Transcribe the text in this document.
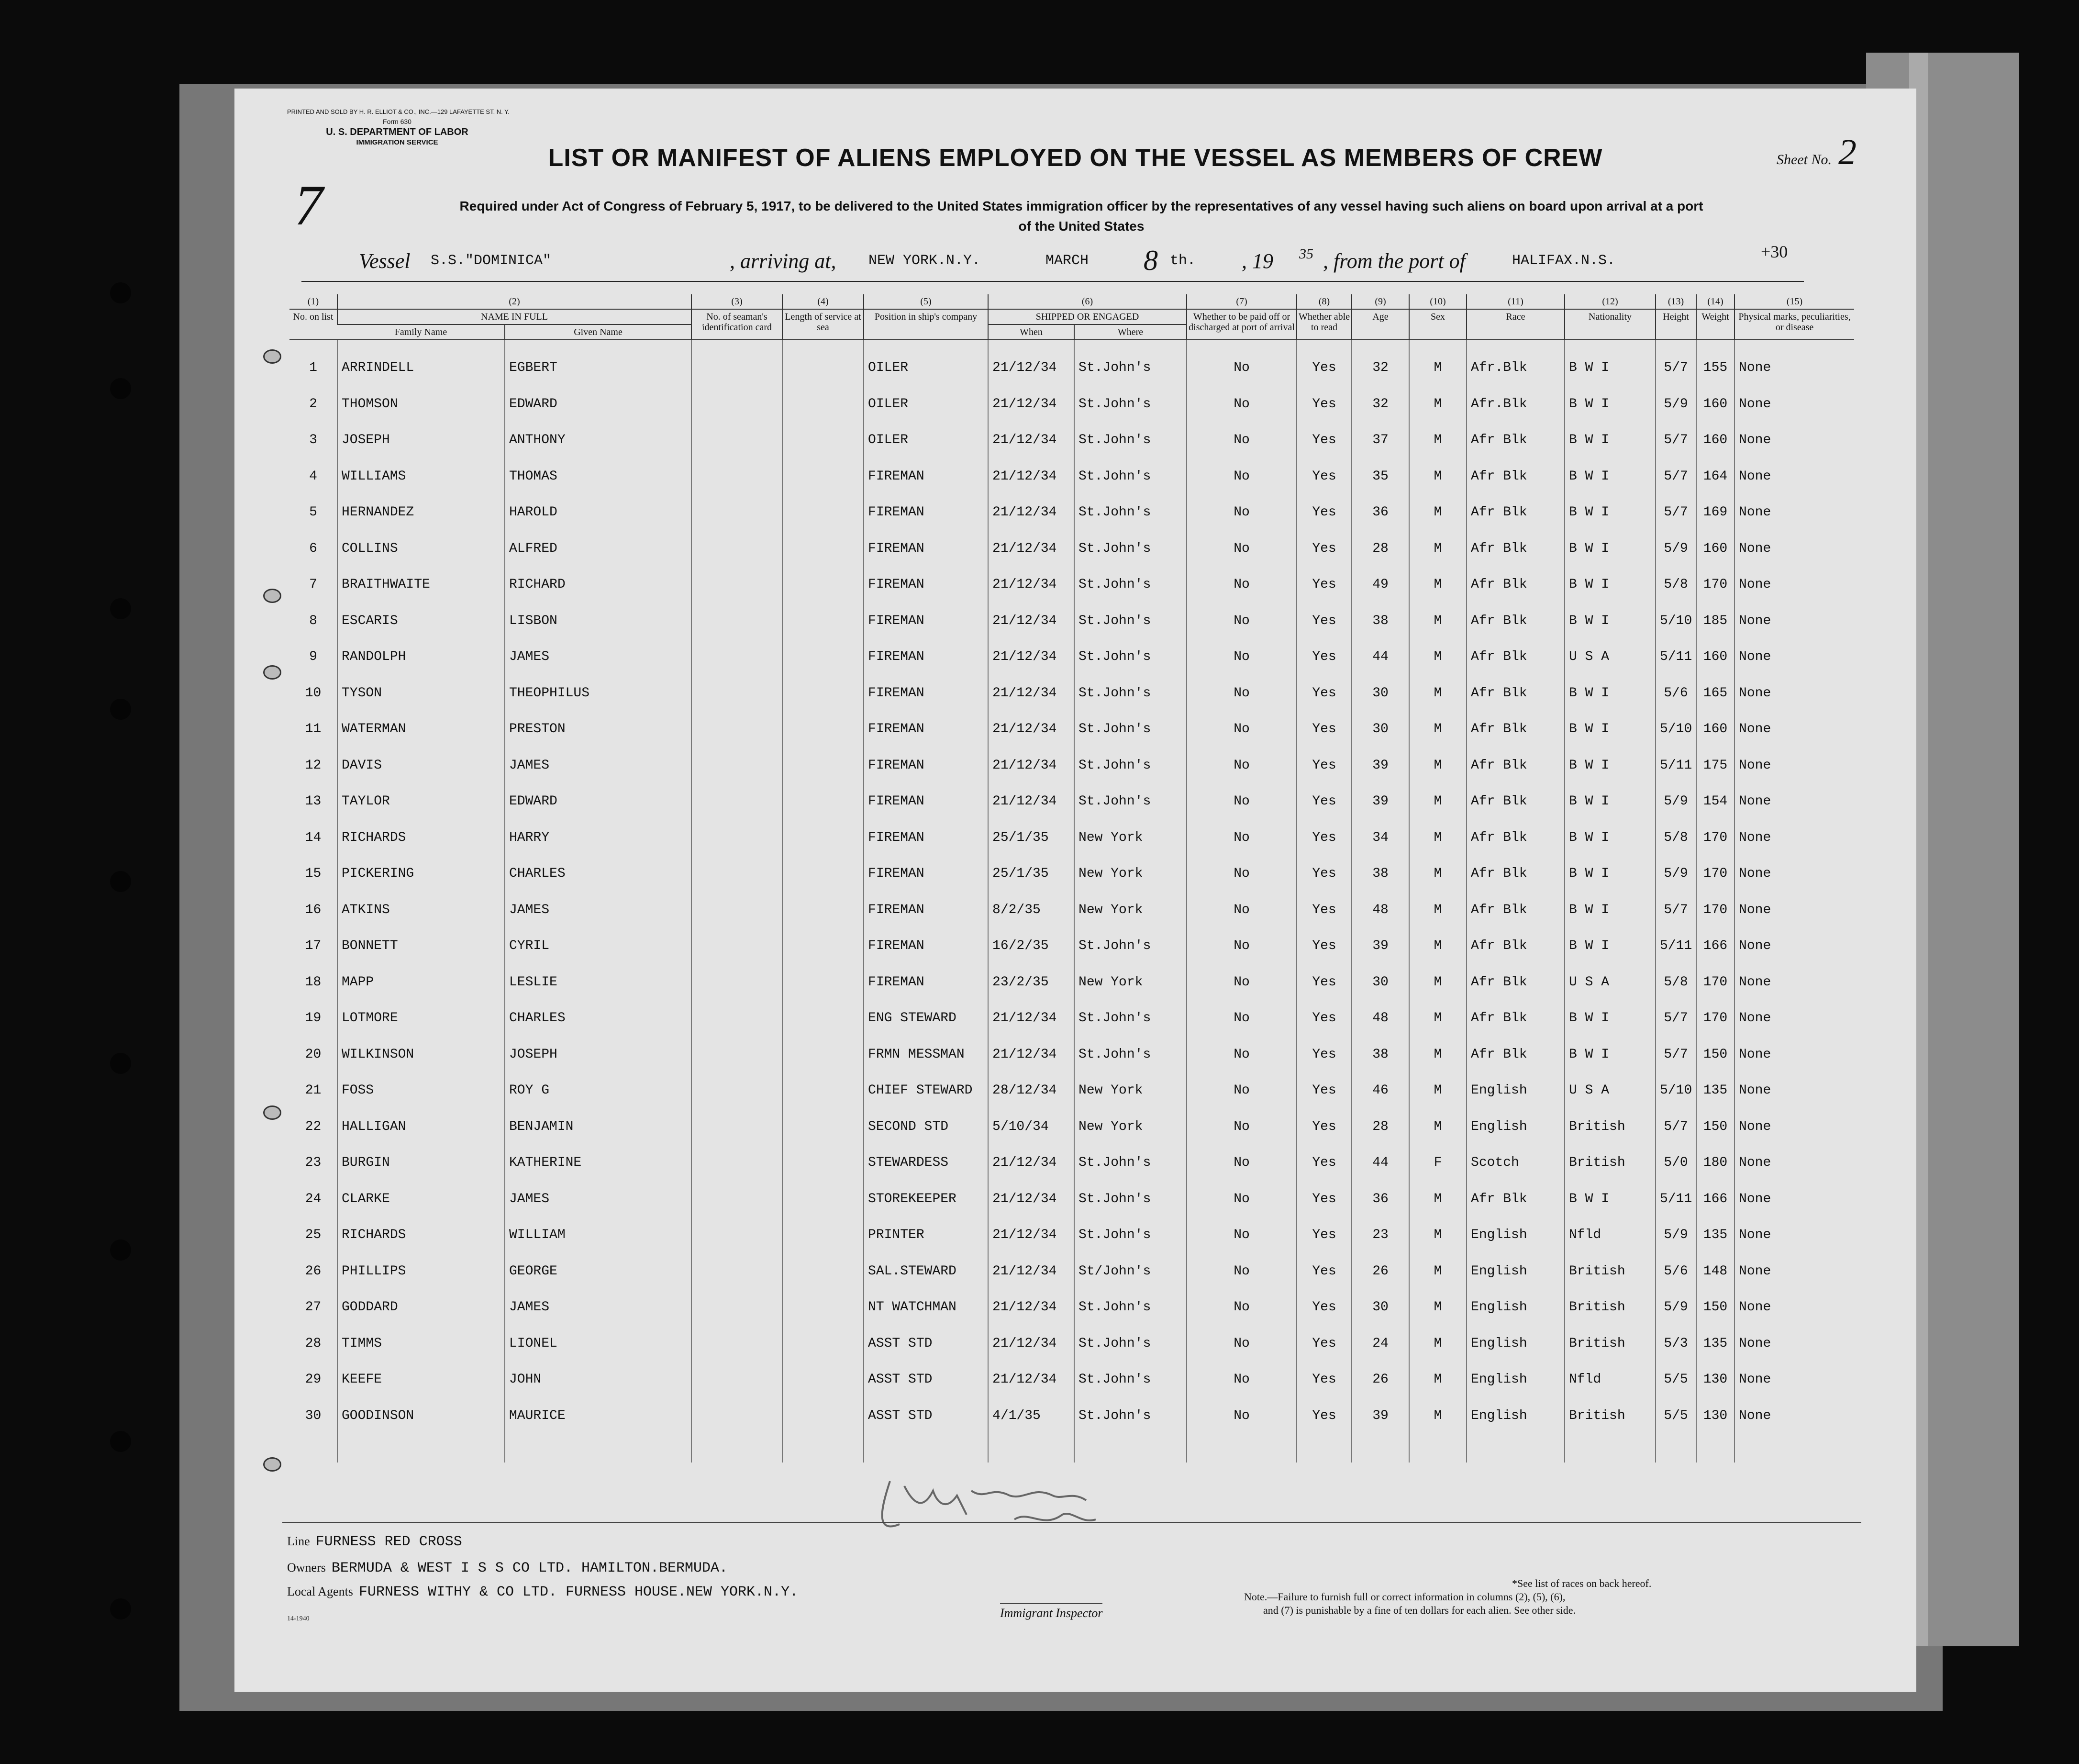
PRINTED AND SOLD BY H. R. ELLIOT & CO., INC.—129 LAFAYETTE ST. N. Y.
Form 630
U. S. DEPARTMENT OF LABOR
IMMIGRATION SERVICE
Sheet No. 2
LIST OR MANIFEST OF ALIENS EMPLOYED ON THE VESSEL AS MEMBERS OF CREW
Required under Act of Congress of February 5, 1917, to be delivered to the United States immigration officer by the representatives of any vessel having such aliens on board upon arrival at a port
of the United States
7
+30
Vessel S.S."DOMINICA"	, arriving at, NEW YORK.N.Y.	MARCH 8 th. , 19 35 , from the port of	HALIFAX.N.S.
(1)	(2)		(3)	(4)	(5)	(6)		(7)	(8)	(9)	(10)	(11)	(12)	(13)	(14)	(15)
No. on list	NAME IN FULL		No. of seaman's identification card	Length of service at sea	Position in ship's company	SHIPPED OR ENGAGED		Whether to be paid off or discharged at port of arrival	Whether able to read	Age	Sex	Race	Nationality	Height	Weight	Physical marks, peculiarities, or disease
	Family Name	Given Name				When	Where									
1	ARRINDELL	EGBERT			OILER	21/12/34	St.John's	No	Yes	32	M	Afr.Blk	B W I	5/7	155	None
2	THOMSON	EDWARD			OILER	21/12/34	St.John's	No	Yes	32	M	Afr.Blk	B W I	5/9	160	None
3	JOSEPH	ANTHONY			OILER	21/12/34	St.John's	No	Yes	37	M	Afr Blk	B W I	5/7	160	None
4	WILLIAMS	THOMAS			FIREMAN	21/12/34	St.John's	No	Yes	35	M	Afr Blk	B W I	5/7	164	None
5	HERNANDEZ	HAROLD			FIREMAN	21/12/34	St.John's	No	Yes	36	M	Afr Blk	B W I	5/7	169	None
6	COLLINS	ALFRED			FIREMAN	21/12/34	St.John's	No	Yes	28	M	Afr Blk	B W I	5/9	160	None
7	BRAITHWAITE	RICHARD			FIREMAN	21/12/34	St.John's	No	Yes	49	M	Afr Blk	B W I	5/8	170	None
8	ESCARIS	LISBON			FIREMAN	21/12/34	St.John's	No	Yes	38	M	Afr Blk	B W I	5/10	185	None
9	RANDOLPH	JAMES			FIREMAN	21/12/34	St.John's	No	Yes	44	M	Afr Blk	U S A	5/11	160	None
10	TYSON	THEOPHILUS			FIREMAN	21/12/34	St.John's	No	Yes	30	M	Afr Blk	B W I	5/6	165	None
11	WATERMAN	PRESTON			FIREMAN	21/12/34	St.John's	No	Yes	30	M	Afr Blk	B W I	5/10	160	None
12	DAVIS	JAMES			FIREMAN	21/12/34	St.John's	No	Yes	39	M	Afr Blk	B W I	5/11	175	None
13	TAYLOR	EDWARD			FIREMAN	21/12/34	St.John's	No	Yes	39	M	Afr Blk	B W I	5/9	154	None
14	RICHARDS	HARRY			FIREMAN	25/1/35	New York	No	Yes	34	M	Afr Blk	B W I	5/8	170	None
15	PICKERING	CHARLES			FIREMAN	25/1/35	New York	No	Yes	38	M	Afr Blk	B W I	5/9	170	None
16	ATKINS	JAMES			FIREMAN	8/2/35	New York	No	Yes	48	M	Afr Blk	B W I	5/7	170	None
17	BONNETT	CYRIL			FIREMAN	16/2/35	St.John's	No	Yes	39	M	Afr Blk	B W I	5/11	166	None
18	MAPP	LESLIE			FIREMAN	23/2/35	New York	No	Yes	30	M	Afr Blk	U S A	5/8	170	None
19	LOTMORE	CHARLES			ENG STEWARD	21/12/34	St.John's	No	Yes	48	M	Afr Blk	B W I	5/7	170	None
20	WILKINSON	JOSEPH			FRMN MESSMAN	21/12/34	St.John's	No	Yes	38	M	Afr Blk	B W I	5/7	150	None
21	FOSS	ROY G			CHIEF STEWARD	28/12/34	New York	No	Yes	46	M	English	U S A	5/10	135	None
22	HALLIGAN	BENJAMIN			SECOND STD	5/10/34	New York	No	Yes	28	M	English	British	5/7	150	None
23	BURGIN	KATHERINE			STEWARDESS	21/12/34	St.John's	No	Yes	44	F	Scotch	British	5/0	180	None
24	CLARKE	JAMES			STOREKEEPER	21/12/34	St.John's	No	Yes	36	M	Afr Blk	B W I	5/11	166	None
25	RICHARDS	WILLIAM			PRINTER	21/12/34	St.John's	No	Yes	23	M	English	Nfld	5/9	135	None
26	PHILLIPS	GEORGE			SAL.STEWARD	21/12/34	St/John's	No	Yes	26	M	English	British	5/6	148	None
27	GODDARD	JAMES			NT WATCHMAN	21/12/34	St.John's	No	Yes	30	M	English	British	5/9	150	None
28	TIMMS	LIONEL			ASST STD	21/12/34	St.John's	No	Yes	24	M	English	British	5/3	135	None
29	KEEFE	JOHN			ASST STD	21/12/34	St.John's	No	Yes	26	M	English	Nfld	5/5	130	None
30	GOODINSON	MAURICE			ASST STD	4/1/35	St.John's	No	Yes	39	M	English	British	5/5	130	None

Line FURNESS RED CROSS
Owners BERMUDA & WEST I S S CO LTD. HAMILTON.BERMUDA.
Local Agents FURNESS WITHY & CO LTD. FURNESS HOUSE.NEW YORK.N.Y.
14-1940	Immigrant Inspector
*See list of races on back hereof.
Note.—Failure to furnish full or correct information in columns (2), (5), (6),
and (7) is punishable by a fine of ten dollars for each alien. See other side.
